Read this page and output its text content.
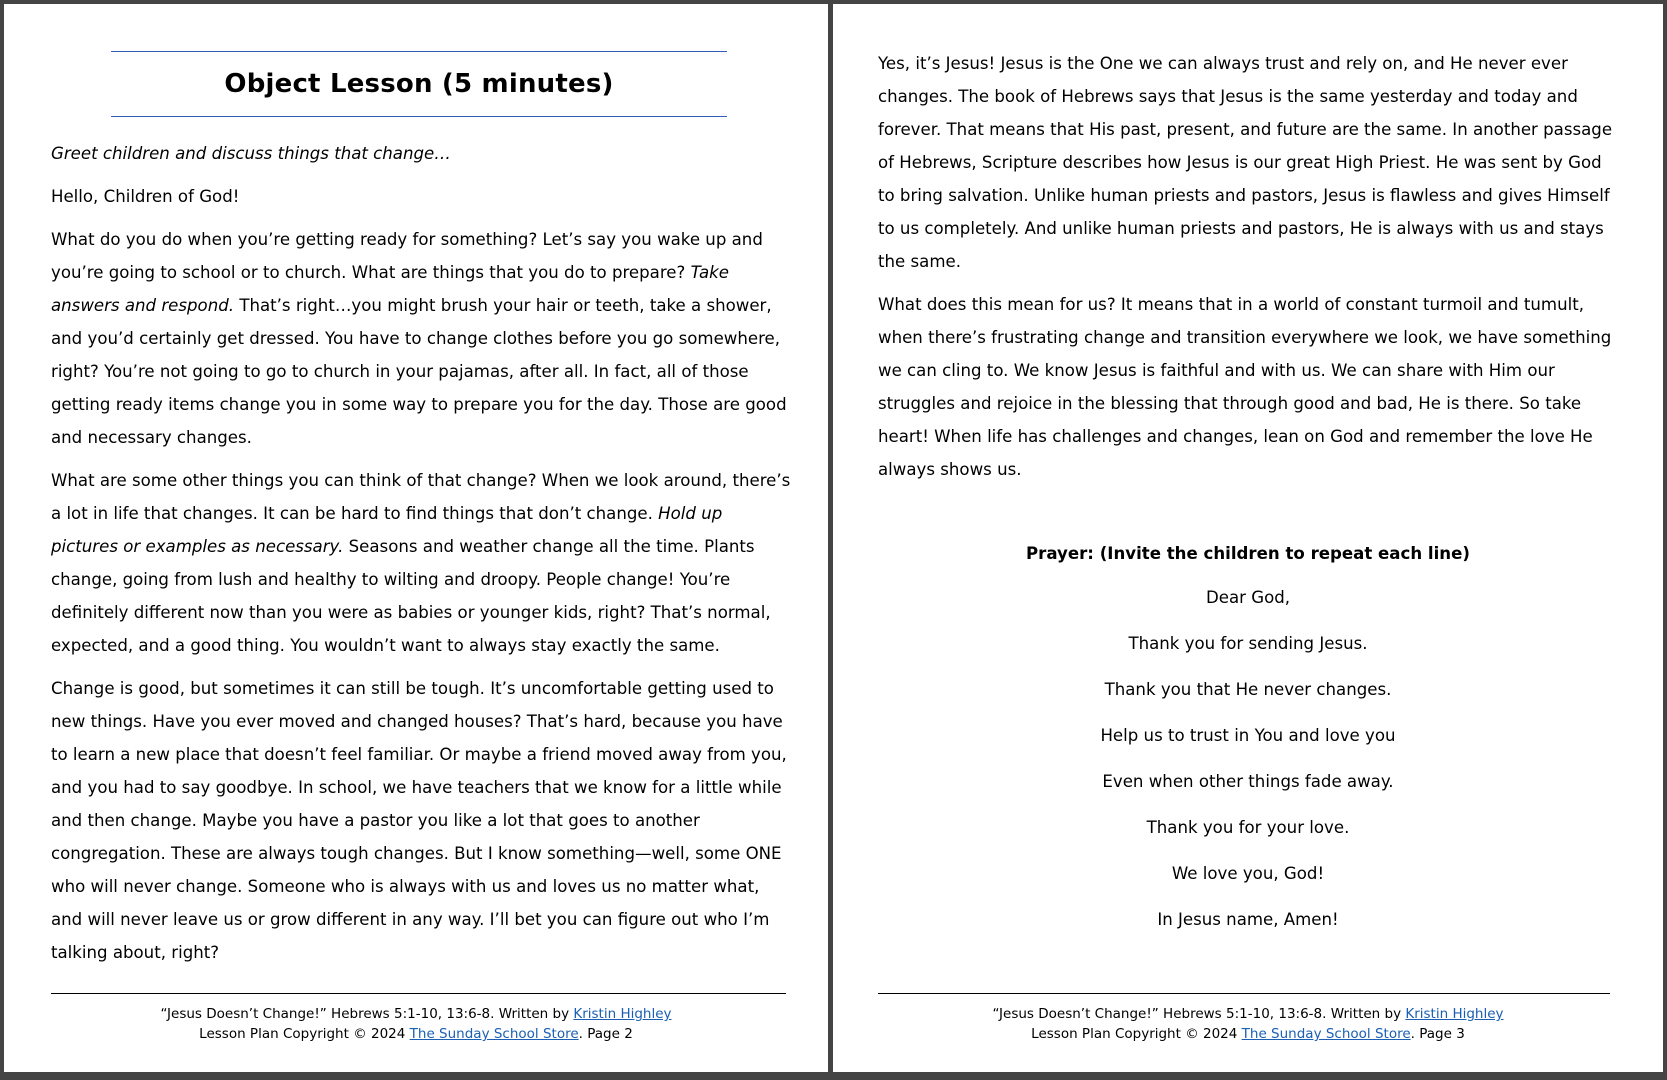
Object Lesson (5 minutes)

Greet children and discuss things that change…

Hello, Children of God!

What do you do when you’re getting ready for something? Let’s say you wake up and you’re going to school or to church. What are things that you do to prepare? Take answers and respond. That’s right…you might brush your hair or teeth, take a shower, and you’d certainly get dressed. You have to change clothes before you go somewhere, right? You’re not going to go to church in your pajamas, after all. In fact, all of those getting ready items change you in some way to prepare you for the day. Those are good and necessary changes.

What are some other things you can think of that change? When we look around, there’s a lot in life that changes. It can be hard to find things that don’t change. Hold up pictures or examples as necessary. Seasons and weather change all the time. Plants change, going from lush and healthy to wilting and droopy. People change! You’re definitely different now than you were as babies or younger kids, right? That’s normal, expected, and a good thing. You wouldn’t want to always stay exactly the same.

Change is good, but sometimes it can still be tough. It’s uncomfortable getting used to new things. Have you ever moved and changed houses? That’s hard, because you have to learn a new place that doesn’t feel familiar. Or maybe a friend moved away from you, and you had to say goodbye. In school, we have teachers that we know for a little while and then change. Maybe you have a pastor you like a lot that goes to another congregation. These are always tough changes. But I know something—well, some ONE who will never change. Someone who is always with us and loves us no matter what, and will never leave us or grow different in any way. I’ll bet you can figure out who I’m talking about, right?

“Jesus Doesn’t Change!” Hebrews 5:1-10, 13:6-8. Written by Kristin Highley
Lesson Plan Copyright © 2024 The Sunday School Store. Page 2

Yes, it’s Jesus! Jesus is the One we can always trust and rely on, and He never ever changes. The book of Hebrews says that Jesus is the same yesterday and today and forever. That means that His past, present, and future are the same. In another passage of Hebrews, Scripture describes how Jesus is our great High Priest. He was sent by God to bring salvation. Unlike human priests and pastors, Jesus is flawless and gives Himself to us completely. And unlike human priests and pastors, He is always with us and stays the same.

What does this mean for us? It means that in a world of constant turmoil and tumult, when there’s frustrating change and transition everywhere we look, we have something we can cling to. We know Jesus is faithful and with us. We can share with Him our struggles and rejoice in the blessing that through good and bad, He is there. So take heart! When life has challenges and changes, lean on God and remember the love He always shows us.

Prayer: (Invite the children to repeat each line)
Dear God,
Thank you for sending Jesus.
Thank you that He never changes.
Help us to trust in You and love you
Even when other things fade away.
Thank you for your love.
We love you, God!
In Jesus name, Amen!
“Jesus Doesn’t Change!” Hebrews 5:1-10, 13:6-8. Written by Kristin Highley
Lesson Plan Copyright © 2024 The Sunday School Store. Page 3
